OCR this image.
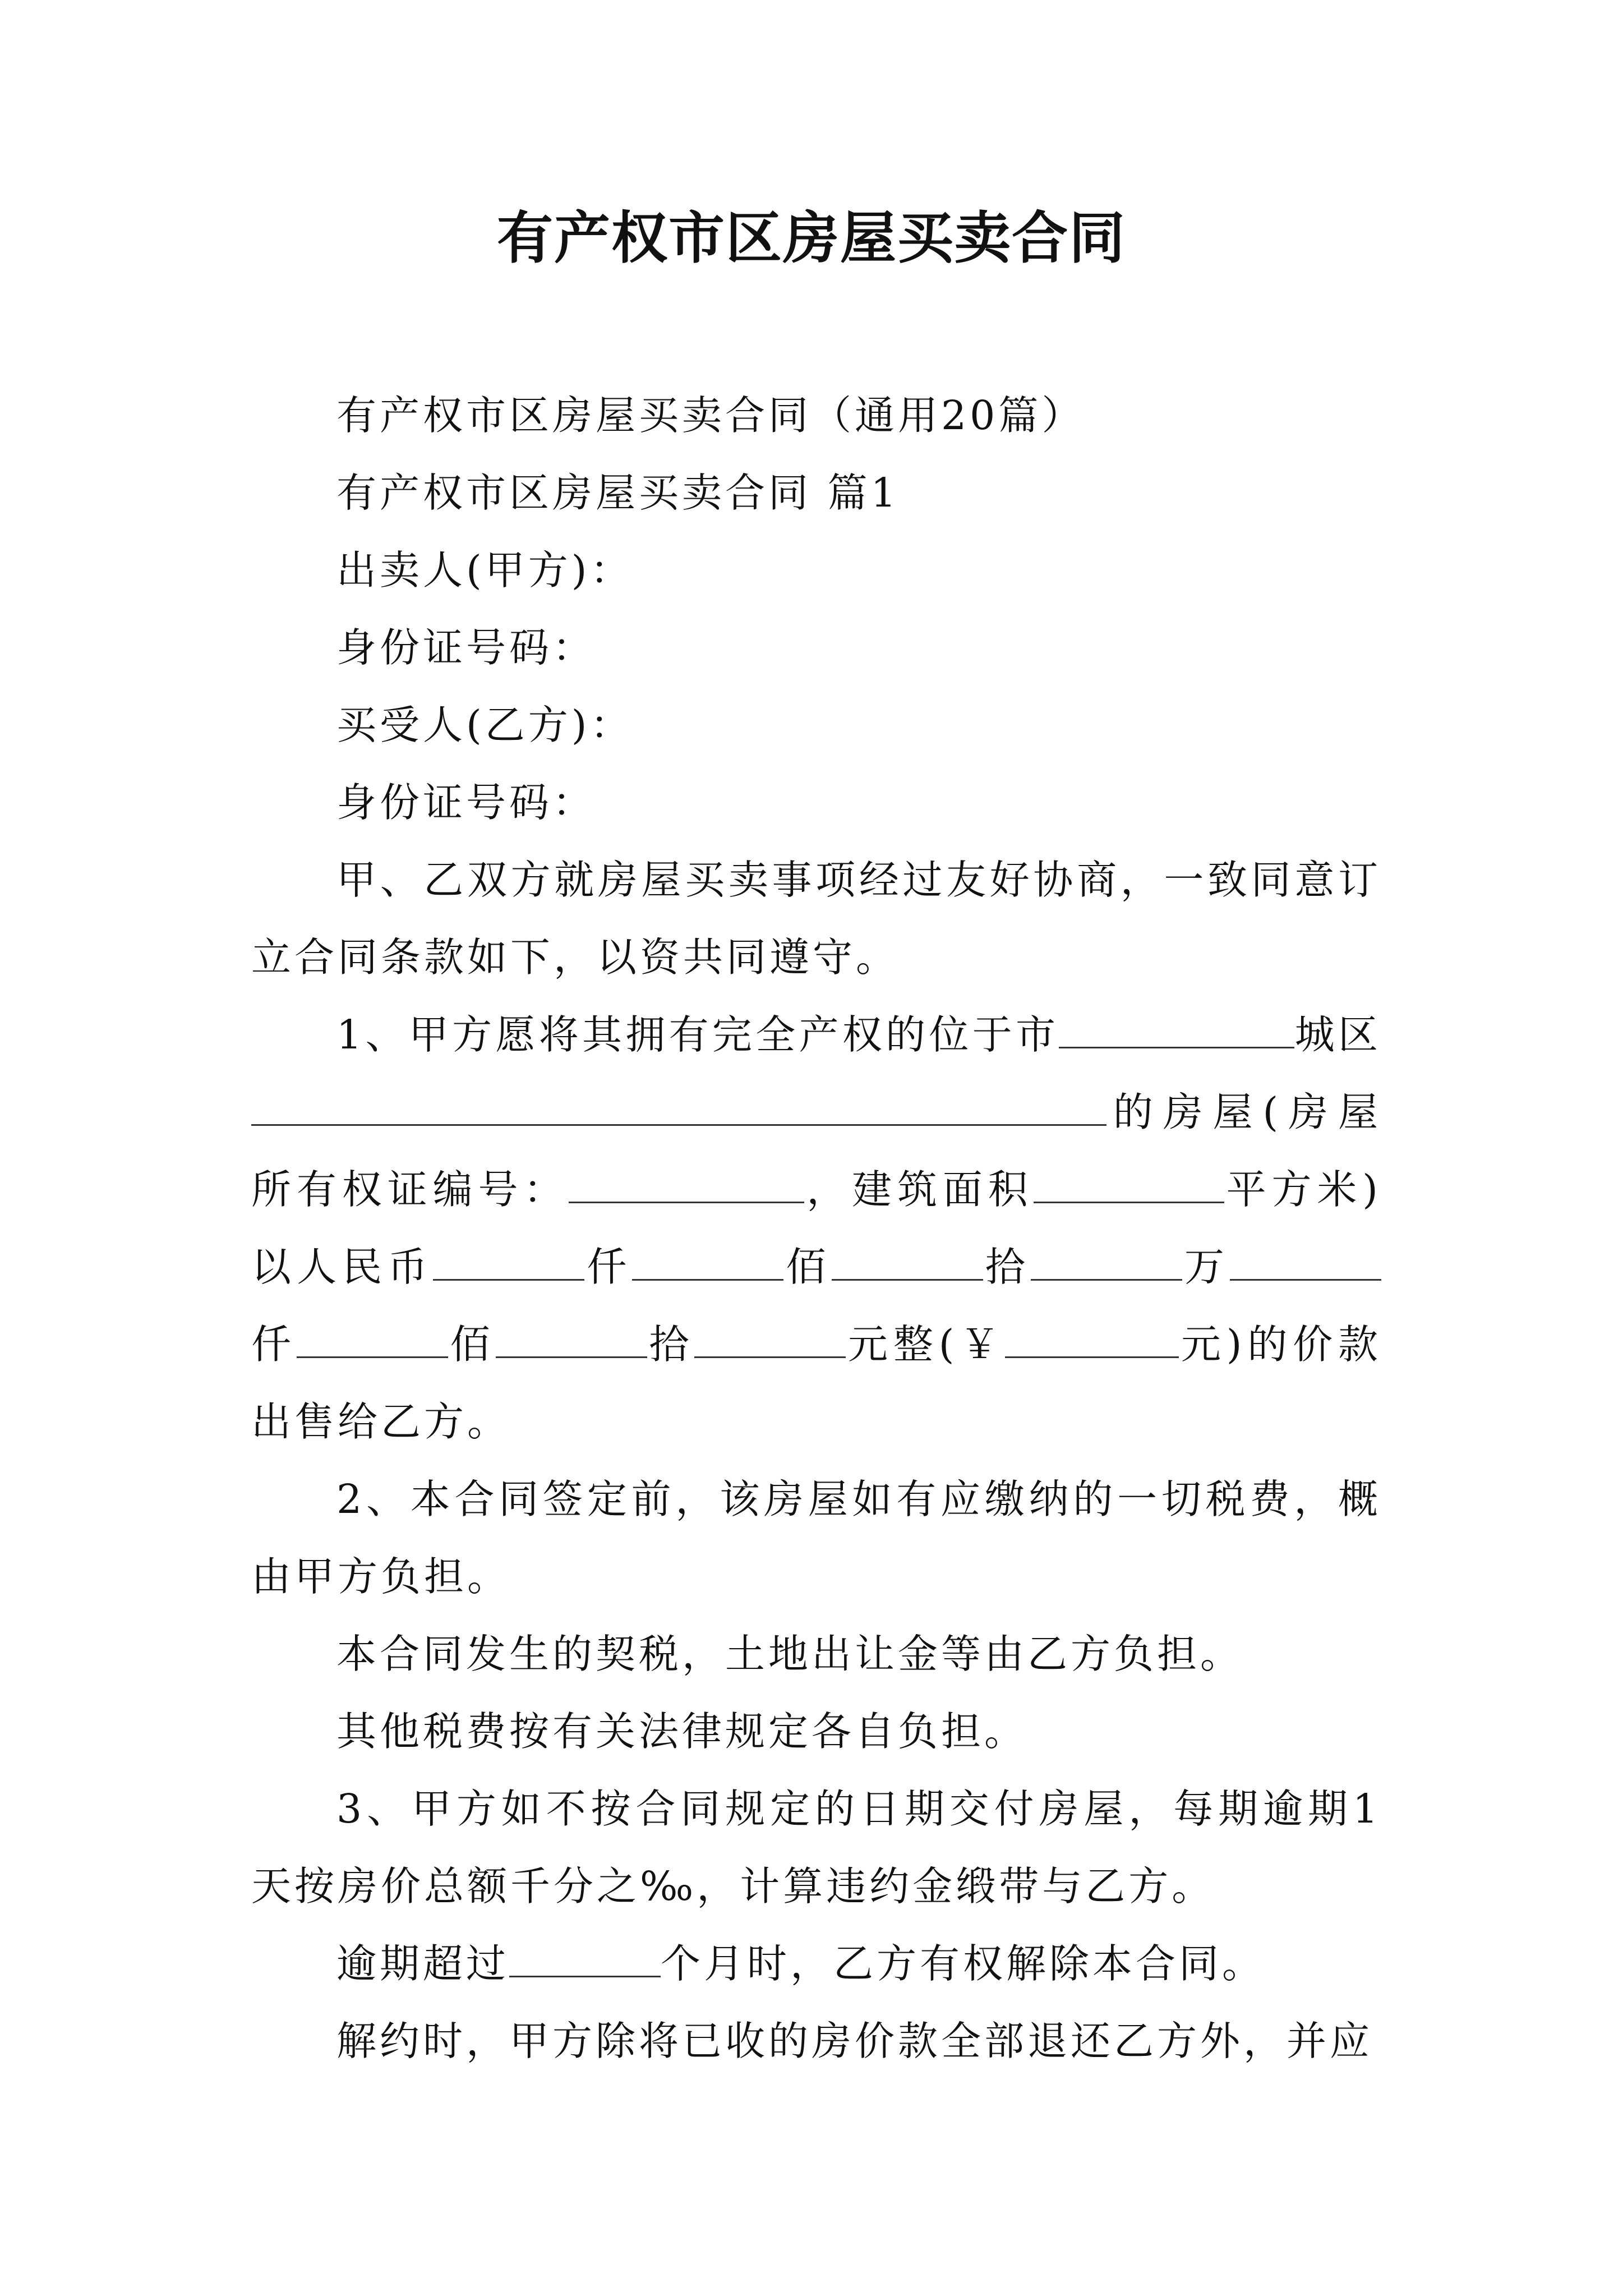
有产权市区房屋买卖合同

有产权市区房屋买卖合同（通用20篇）

有产权市区房屋买卖合同 篇1

出卖人(甲方)：

身份证号码：

买受人(乙方)：

身份证号码：

甲、乙双方就房屋买卖事项经过友好协商，一致同意订立合同条款如下，以资共同遵守。

1、甲方愿将其拥有完全产权的位于市	城区的房屋(房屋所有权证编号：	，建筑面积	平方米)以人民币	仟	佰	拾	万仟	佰	拾	元整(￥	元)的价款出售给乙方。

2、本合同签定前，该房屋如有应缴纳的一切税费，概由甲方负担。

本合同发生的契税，土地出让金等由乙方负担。

其他税费按有关法律规定各自负担。

3、甲方如不按合同规定的日期交付房屋，每期逾期1天按房价总额千分之‰，计算违约金缎带与乙方。

逾期超过	个月时，乙方有权解除本合同。

解约时，甲方除将已收的房价款全部退还乙方外，并应
